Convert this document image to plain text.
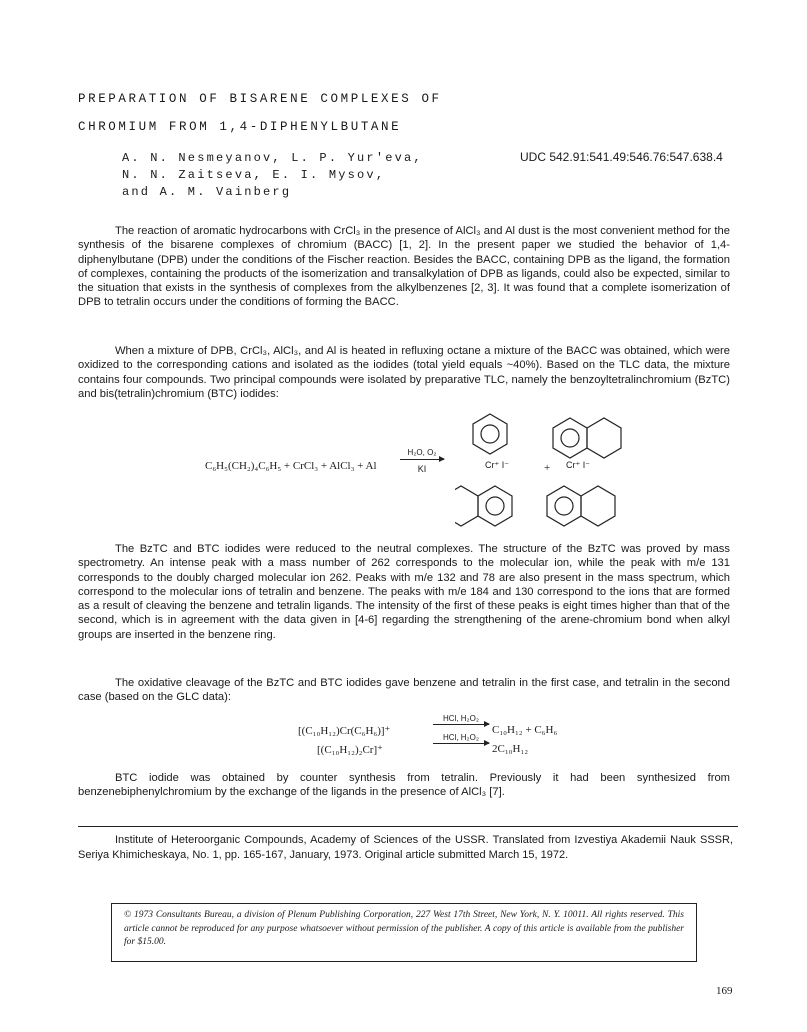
PREPARATION OF BISARENE COMPLEXES OF
CHROMIUM FROM 1,4-DIPHENYLBUTANE
A. N. Nesmeyanov, L. P. Yur'eva,
N. N. Zaitseva, E. I. Mysov,
and A. M. Vainberg
UDC 542.91:541.49:546.76:547.638.4
The reaction of aromatic hydrocarbons with CrCl₃ in the presence of AlCl₃ and Al dust is the most convenient method for the synthesis of the bisarene complexes of chromium (BACC) [1, 2]. In the present paper we studied the behavior of 1,4-diphenylbutane (DPB) under the conditions of the Fischer reaction. Besides the BACC, containing DPB as the ligand, the formation of complexes, containing the products of the isomerization and transalkylation of DPB as ligands, could also be expected, similar to the situation that exists in the synthesis of complexes from the alkylbenzenes [2, 3]. It was found that a complete isomerization of DPB to tetralin occurs under the conditions of forming the BACC.
When a mixture of DPB, CrCl₃, AlCl₃, and Al is heated in refluxing octane a mixture of the BACC was obtained, which were oxidized to the corresponding cations and isolated as the iodides (total yield equals ~40%). Based on the TLC data, the mixture contains four compounds. Two principal compounds were isolated by preparative TLC, namely the benzoyltetralinchromium (BzTC) and bis(tetralin)chromium (BTC) iodides:
C₆H₅(CH₂)₄C₆H₅ + CrCl₃ + AlCl₃ + Al
H₂O, O₂
KI	Cr⁺ I⁻	+ Cr⁺ I⁻
The BzTC and BTC iodides were reduced to the neutral complexes. The structure of the BzTC was proved by mass spectrometry. An intense peak with a mass number of 262 corresponds to the molecular ion, while the peak with m/e 131 corresponds to the doubly charged molecular ion 262. Peaks with m/e 132 and 78 are also present in the mass spectrum, which correspond to the molecular ions of tetralin and benzene. The peaks with m/e 184 and 130 correspond to the ions that are formed as a result of cleaving the benzene and tetralin ligands. The intensity of the first of these peaks is eight times higher than that of the second, which is in agreement with the data given in [4-6] regarding the strengthening of the arene-chromium bond when alkyl groups are inserted in the benzene ring.
The oxidative cleavage of the BzTC and BTC iodides gave benzene and tetralin in the first case, and tetralin in the second case (based on the GLC data):
[(C₁₀H₁₂)Cr(C₆H₆)]⁺
HCl, H₂O₂
C₁₀H₁₂ + C₆H₆
[(C₁₀H₁₂)₂Cr]⁺
HCl, H₂O₂
2C₁₀H₁₂
BTC iodide was obtained by counter synthesis from tetralin. Previously it had been synthesized from benzenebiphenylchromium by the exchange of the ligands in the presence of AlCl₃ [7].
Institute of Heteroorganic Compounds, Academy of Sciences of the USSR. Translated from Izvestiya Akademii Nauk SSSR, Seriya Khimicheskaya, No. 1, pp. 165-167, January, 1973. Original article submitted March 15, 1972.
© 1973 Consultants Bureau, a division of Plenum Publishing Corporation, 227 West 17th Street, New York, N. Y. 10011. All rights reserved. This article cannot be reproduced for any purpose whatsoever without permission of the publisher. A copy of this article is available from the publisher for $15.00.
169
